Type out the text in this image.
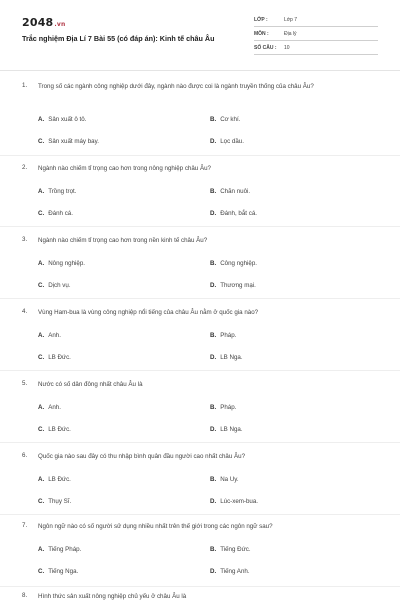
2048.vn
Trắc nghiệm Địa Lí 7 Bài 55 (có đáp án): Kinh tế châu Âu
LỚP :	Lớp 7
MÔN :	Địa lý
SỐ CÂU : 10
1. Trong số các ngành công nghiệp dưới đây, ngành nào được coi là ngành truyền thống của châu Âu?
A. Sản xuất ô tô.	B. Cơ khí.
C. Sản xuất máy bay.	D. Lọc dầu.
2. Ngành nào chiếm tỉ trọng cao hơn trong nông nghiệp châu Âu?
A. Trồng trọt.	B. Chăn nuôi.
C. Đánh cá.	D. Đánh, bắt cá.
3. Ngành nào chiếm tỉ trọng cao hơn trong nền kinh tế châu Âu?
A. Nông nghiệp.	B. Công nghiệp.
C. Dịch vụ.	D. Thương mại.
4. Vùng Ham-bua là vùng công nghiệp nổi tiếng của châu Âu nằm ở quốc gia nào?
A. Anh.	B. Pháp.
C. LB Đức.	D. LB Nga.
5. Nước có số dân đông nhất châu Âu là
A. Anh.	B. Pháp.
C. LB Đức.	D. LB Nga.
6. Quốc gia nào sau đây có thu nhập bình quân đầu người cao nhất châu Âu?
A. LB Đức.	B. Na Uy.
C. Thụy Sĩ.	D. Lúc-xem-bua.
7. Ngôn ngữ nào có số người sử dụng nhiều nhất trên thế giới trong các ngôn ngữ sau?
A. Tiếng Pháp.	B. Tiếng Đức.
C. Tiếng Nga.	D. Tiếng Anh.
8. Hình thức sản xuất nông nghiệp chủ yếu ở châu Âu là
